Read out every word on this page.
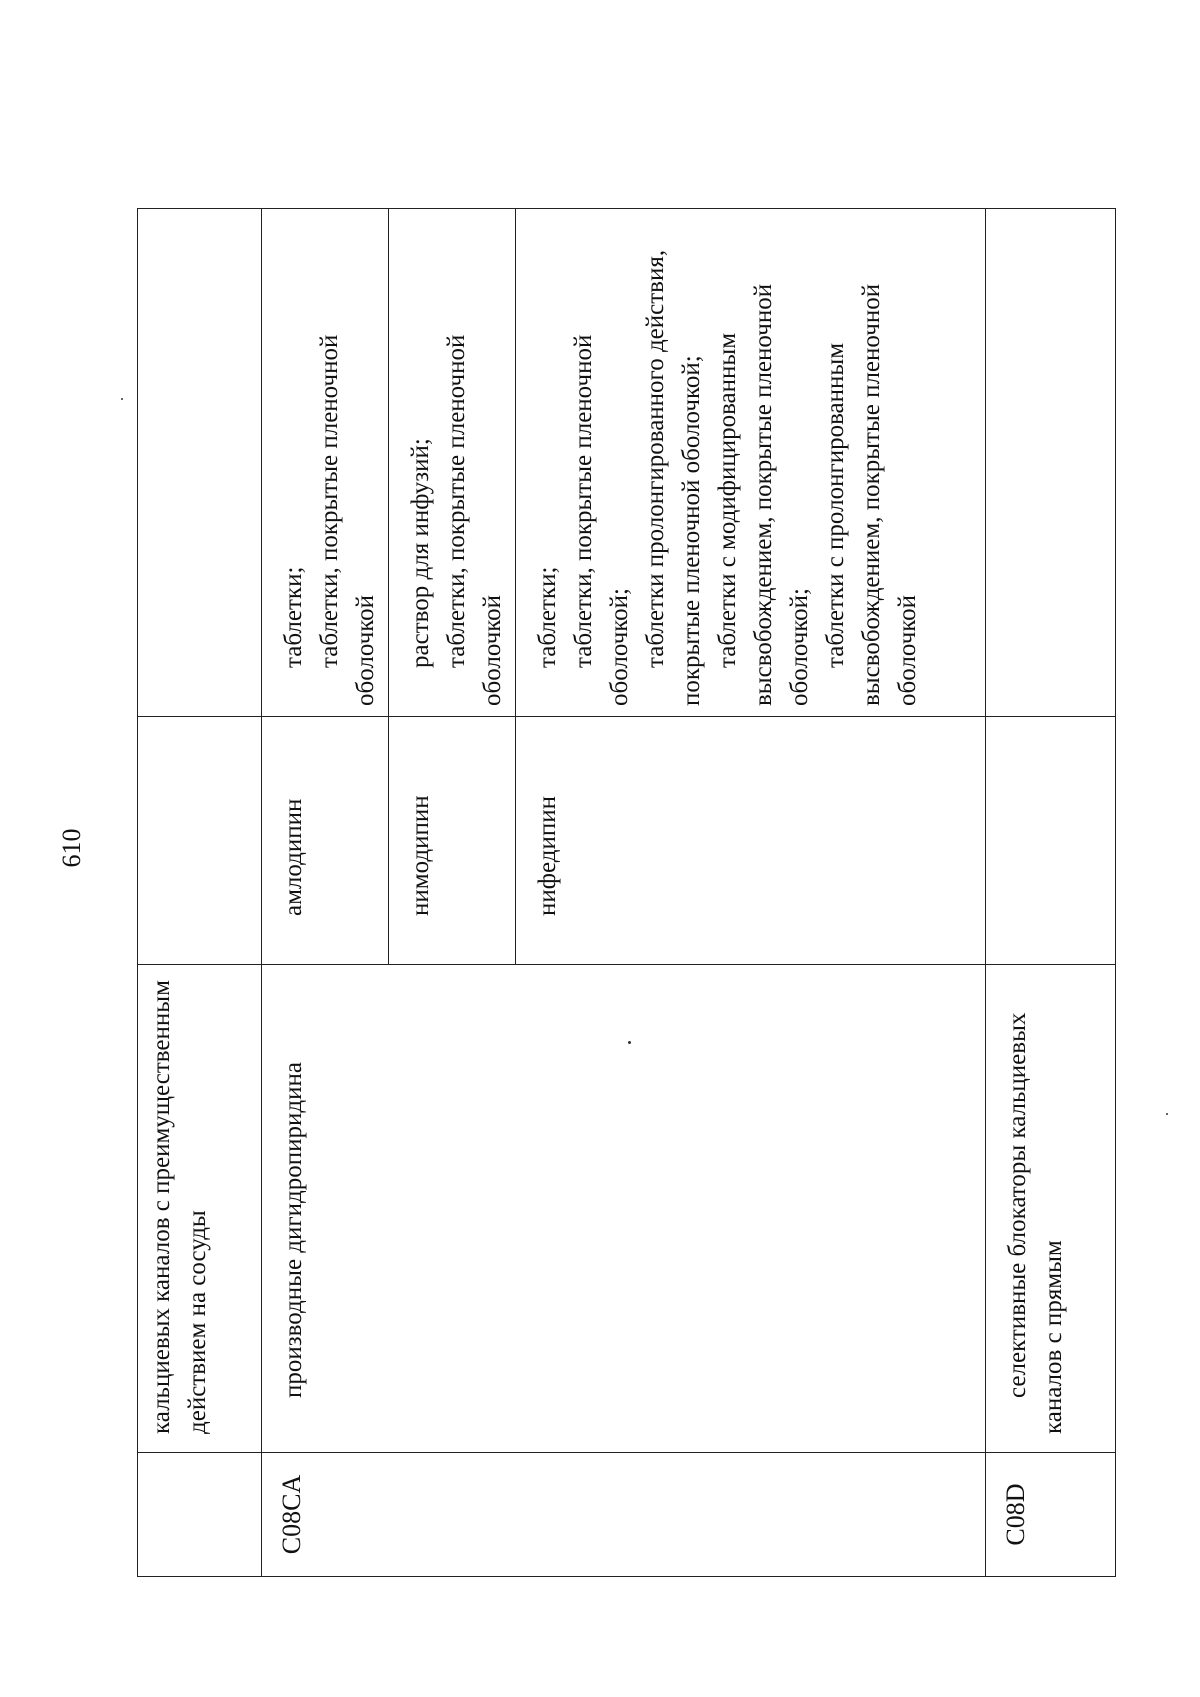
610
	кальциевых каналов с преимущественным действием на сосуды		
C08CA	производные дигидропиридина	амлодипин	таблетки; таблетки, покрытые пленочной оболочкой

		нимодипин	раствор для инфузий; таблетки, покрытые пленочной оболочкой

		нифедипин	таблетки; таблетки, покрытые пленочной оболочкой; таблетки пролонгированного действия, покрытые пленочной оболочкой; таблетки с модифицированным высвобождением, покрытые пленочной оболочкой; таблетки с пролонгированным высвобождением, покрытые пленочной оболочкой

C08D	селективные блокаторы кальциевых каналов с прямым		
